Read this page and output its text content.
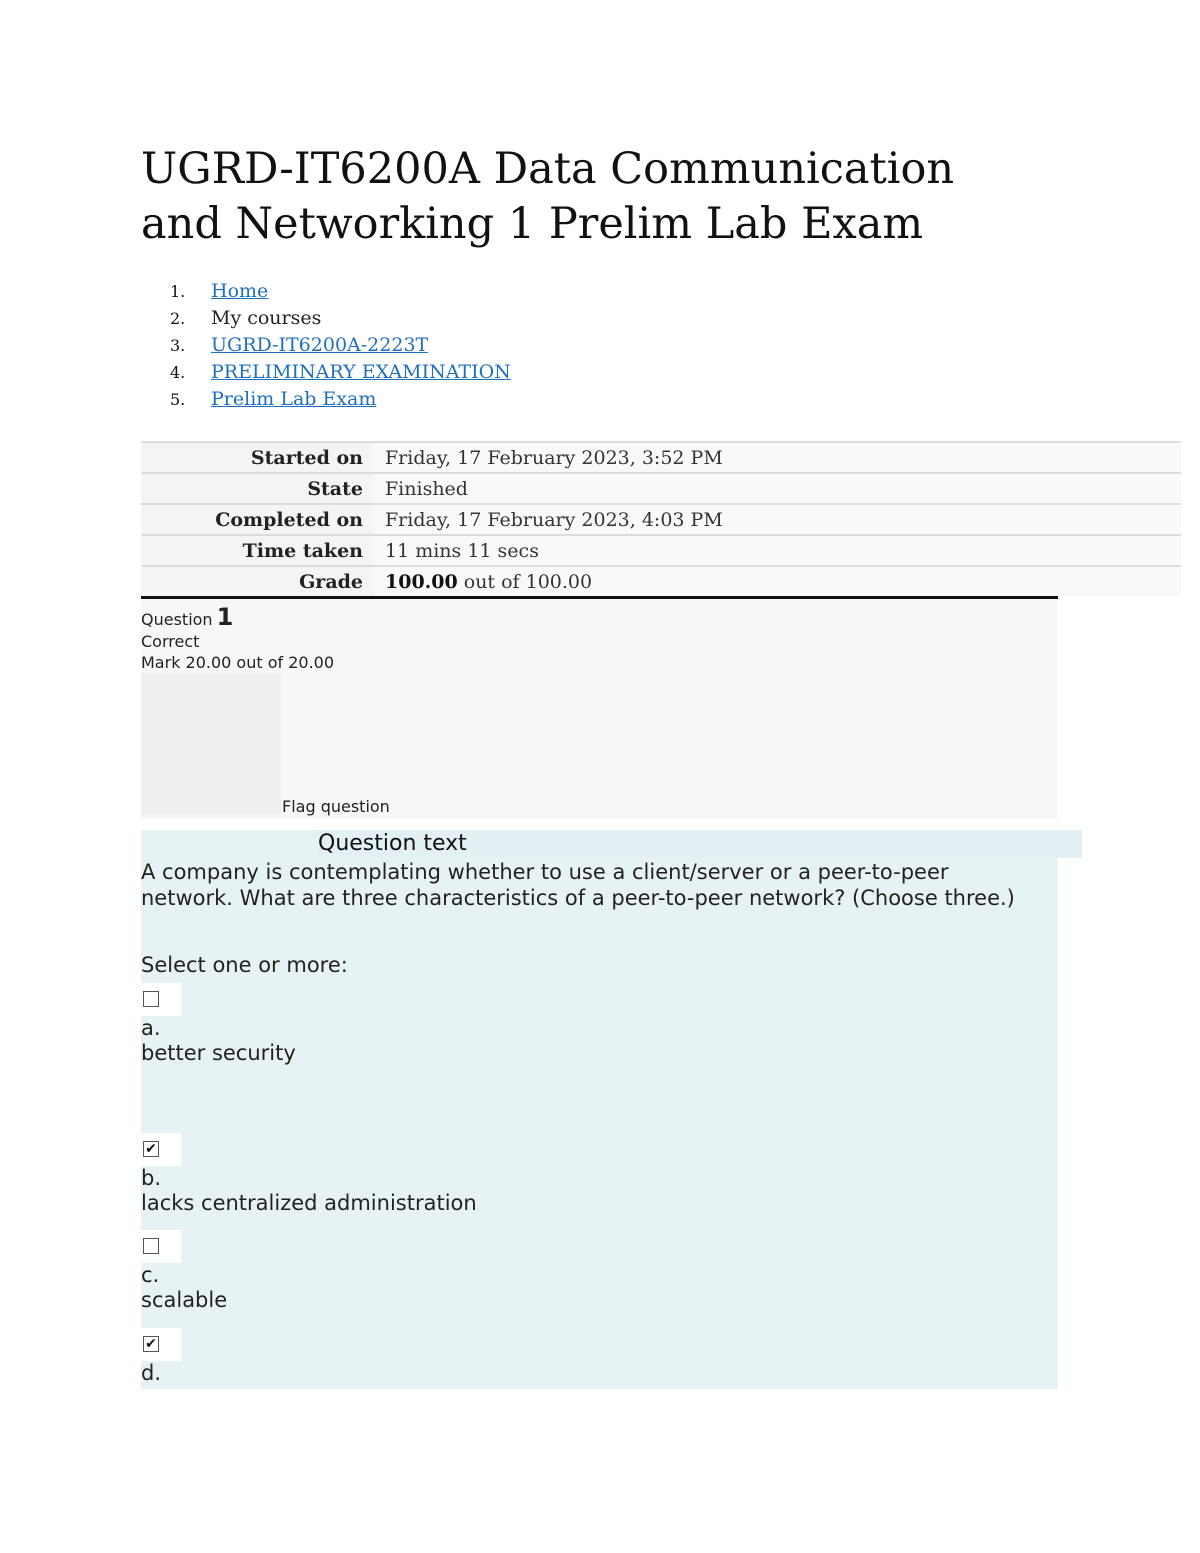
UGRD-IT6200A Data Communication and Networking 1 Prelim Lab Exam
1.	Home
2.	My courses
3.	UGRD-IT6200A-2223T
4.	PRELIMINARY EXAMINATION
5.	Prelim Lab Exam
Started on	Friday, 17 February 2023, 3:52 PM
State	Finished
Completed on	Friday, 17 February 2023, 4:03 PM
Time taken	11 mins 11 secs
Grade	100.00 out of 100.00
Question 1
Correct
Mark 20.00 out of 20.00
Flag question
Question text
A company is contemplating whether to use a client/server or a peer-to-peer network. What are three characteristics of a peer-to-peer network? (Choose three.)
Select one or more:
a.
better security
✔
b.
lacks centralized administration
c.
scalable
✔
d.
